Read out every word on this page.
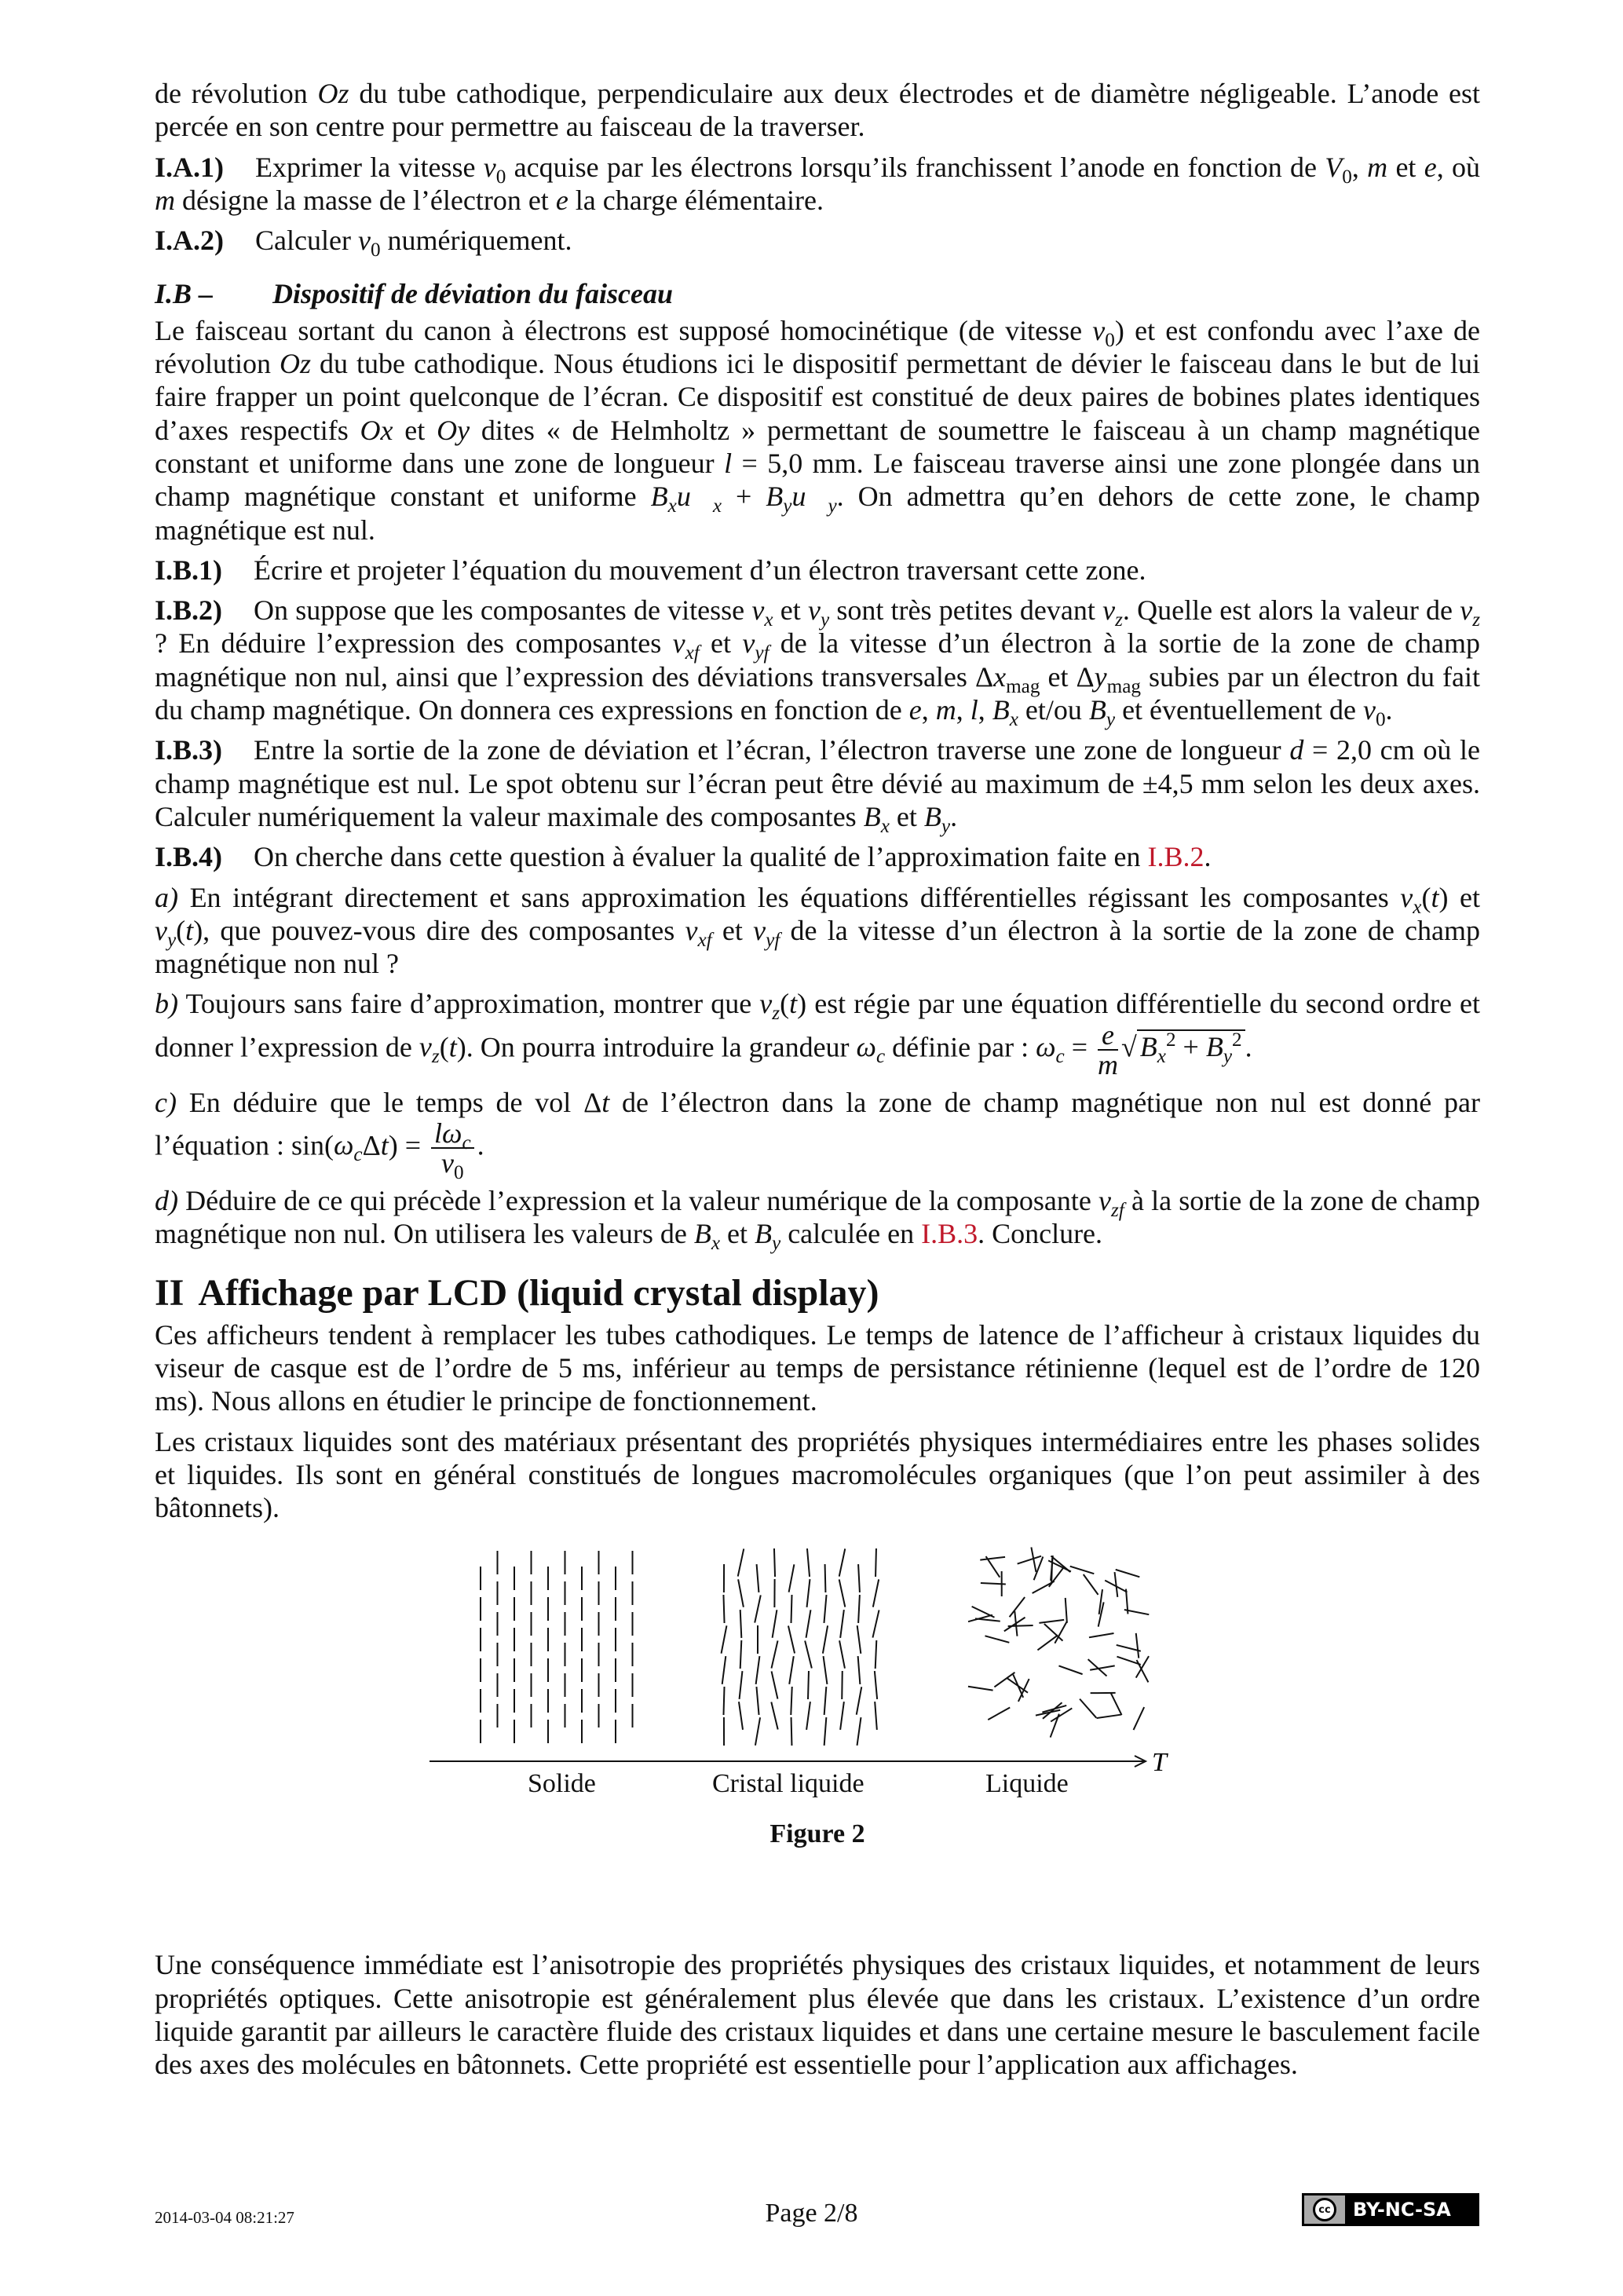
de révolution Oz du tube cathodique, perpendiculaire aux deux électrodes et de diamètre négligeable. L’anode est percée en son centre pour permettre au faisceau de la traverser.

I.A.1) Exprimer la vitesse $v_0$ acquise par les électrons lorsqu’ils franchissent l’anode en fonction de $V_0$, m et e, où m désigne la masse de l’électron et e la charge élémentaire.

I.A.2) Calculer $v_0$ numériquement.

I.B – Dispositif de déviation du faisceau

Le faisceau sortant du canon à électrons est supposé homocinétique (de vitesse $v_0$) et est confondu avec l’axe de révolution Oz du tube cathodique. Nous étudions ici le dispositif permettant de dévier le faisceau dans le but de lui faire frapper un point quelconque de l’écran. Ce dispositif est constitué de deux paires de bobines plates identiques d’axes respectifs Ox et Oy dites « de Helmholtz » permettant de soumettre le faisceau à un champ magnétique constant et uniforme dans une zone de longueur l = 5,0 mm. Le faisceau traverse ainsi une zone plongée dans un champ magnétique constant et uniforme $B_xu⃗_x$ + $B_yu⃗_y$. On admettra qu’en dehors de cette zone, le champ magnétique est nul.

I.B.1) Écrire et projeter l’équation du mouvement d’un électron traversant cette zone.

I.B.2) On suppose que les composantes de vitesse $v_x$ et $v_y$ sont très petites devant $v_z$. Quelle est alors la valeur de $v_z$ ? En déduire l’expression des composantes $v_{xf}$ et $v_{yf}$ de la vitesse d’un électron à la sortie de la zone de champ magnétique non nul, ainsi que l’expression des déviations transversales $\Delta x_{mag}$ et $\Delta y_{mag}$ subies par un électron du fait du champ magnétique. On donnera ces expressions en fonction de e, m, l, $B_x$ et/ou $B_y$ et éventuellement de $v_0$.

I.B.3) Entre la sortie de la zone de déviation et l’écran, l’électron traverse une zone de longueur d = 2,0 cm où le champ magnétique est nul. Le spot obtenu sur l’écran peut être dévié au maximum de ±4,5 mm selon les deux axes. Calculer numériquement la valeur maximale des composantes $B_x$ et $B_y$.

I.B.4) On cherche dans cette question à évaluer la qualité de l’approximation faite en I.B.2.

a) En intégrant directement et sans approximation les équations différentielles régissant les composantes $v_x(t)$ et $v_y(t)$, que pouvez-vous dire des composantes $v_{xf}$ et $v_{yf}$ de la vitesse d’un électron à la sortie de la zone de champ magnétique non nul ?

b) Toujours sans faire d’approximation, montrer que $v_z(t)$ est régie par une équation différentielle du second ordre et donner l’expression de $v_z(t)$. On pourra introduire la grandeur $\omega_c$ définie par : $\omega_c = \frac{e}{m}$ √ $B_x^2 + B_y^2$ .

c) En déduire que le temps de vol Δt de l’électron dans la zone de champ magnétique non nul est donné par l’équation : $\sin(\omega_c\Delta t) = \frac{l\omega_c}{v_0}$ .

d) Déduire de ce qui précède l’expression et la valeur numérique de la composante $v_{zf}$ à la sortie de la zone de champ magnétique non nul. On utilisera les valeurs de $B_x$ et $B_y$ calculée en I.B.3. Conclure.

II Affichage par LCD (liquid crystal display)

Ces afficheurs tendent à remplacer les tubes cathodiques. Le temps de latence de l’afficheur à cristaux liquides du viseur de casque est de l’ordre de 5 ms, inférieur au temps de persistance rétinienne (lequel est de l’ordre de 120 ms). Nous allons en étudier le principe de fonctionnement.

Les cristaux liquides sont des matériaux présentant des propriétés physiques intermédiaires entre les phases solides et liquides. Ils sont en général constitués de longues macromolécules organiques (que l’on peut assimiler à des bâtonnets).

T
Solide	Cristal liquide	Liquide
Figure 2

Une conséquence immédiate est l’anisotropie des propriétés physiques des cristaux liquides, et notamment de leurs propriétés optiques. Cette anisotropie est généralement plus élevée que dans les cristaux. L’existence d’un ordre liquide garantit par ailleurs le caractère fluide des cristaux liquides et dans une certaine mesure le basculement facile des axes des molécules en bâtonnets. Cette propriété est essentielle pour l’application aux affichages.

2014-03-04 08:21:27	Page 2/8	cc	BY-NC-SA
